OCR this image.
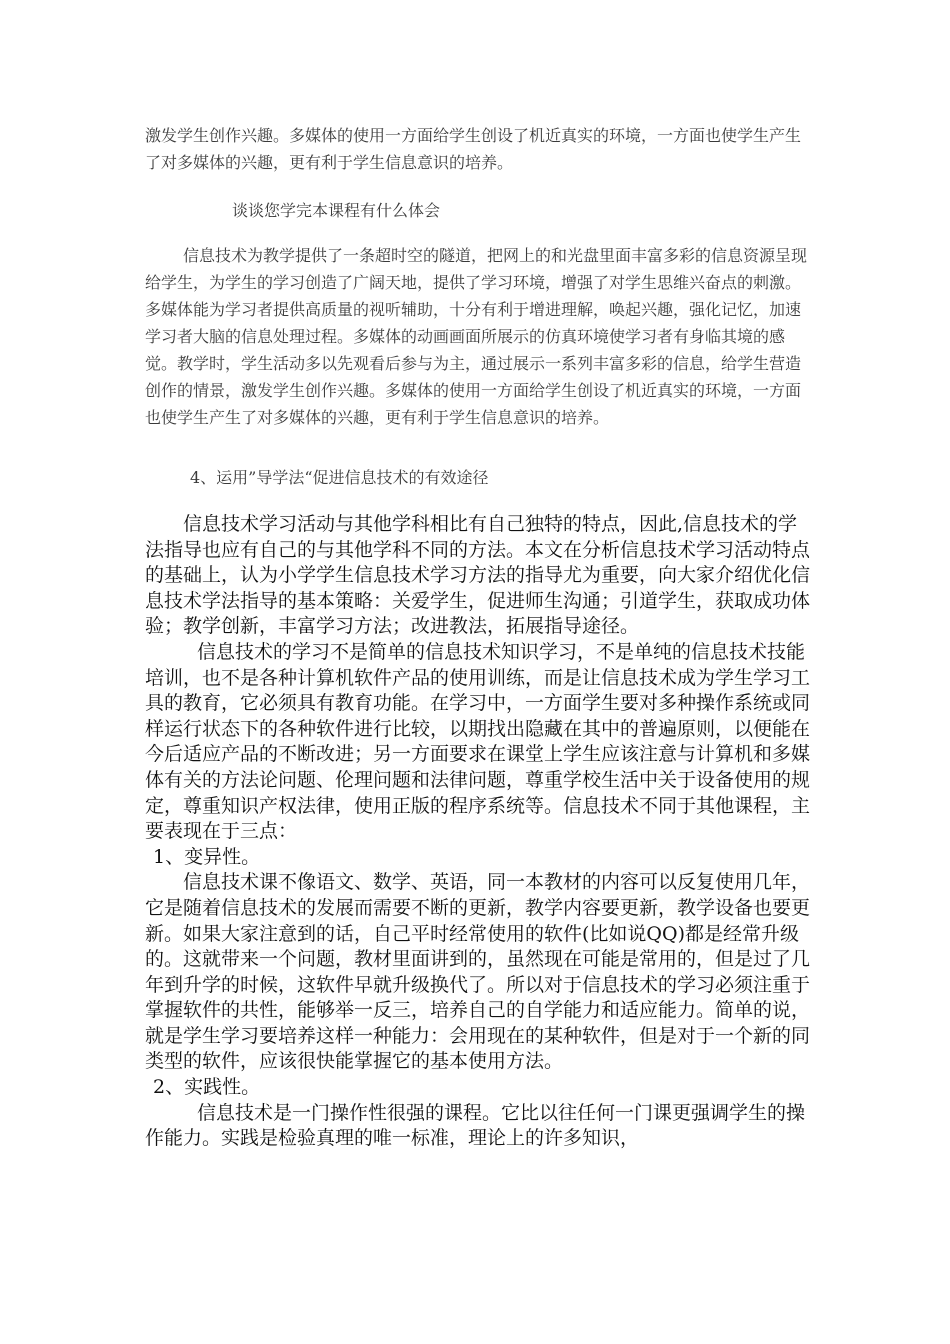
激发学生创作兴趣。多媒体的使用一方面给学生创设了机近真实的环境，一方面也使学生产生了对多媒体的兴趣，更有利于学生信息意识的培养。

谈谈您学完本课程有什么体会

信息技术为教学提供了一条超时空的隧道，把网上的和光盘里面丰富多彩的信息资源呈现给学生，为学生的学习创造了广阔天地，提供了学习环境，增强了对学生思维兴奋点的刺激。多媒体能为学习者提供高质量的视听辅助，十分有利于增进理解，唤起兴趣，强化记忆，加速学习者大脑的信息处理过程。多媒体的动画画面所展示的仿真环境使学习者有身临其境的感觉。教学时，学生活动多以先观看后参与为主，通过展示一系列丰富多彩的信息，给学生营造创作的情景，激发学生创作兴趣。多媒体的使用一方面给学生创设了机近真实的环境，一方面也使学生产生了对多媒体的兴趣，更有利于学生信息意识的培养。

4、运用”导学法“促进信息技术的有效途径

信息技术学习活动与其他学科相比有自己独特的特点，因此,信息技术的学法指导也应有自己的与其他学科不同的方法。本文在分析信息技术学习活动特点的基础上，认为小学学生信息技术学习方法的指导尤为重要，向大家介绍优化信息技术学法指导的基本策略：关爱学生，促进师生沟通；引道学生，获取成功体验；教学创新，丰富学习方法；改进教法，拓展指导途径。

信息技术的学习不是简单的信息技术知识学习，不是单纯的信息技术技能培训，也不是各种计算机软件产品的使用训练，而是让信息技术成为学生学习工具的教育，它必须具有教育功能。在学习中，一方面学生要对多种操作系统或同样运行状态下的各种软件进行比较，以期找出隐藏在其中的普遍原则，以便能在今后适应产品的不断改进；另一方面要求在课堂上学生应该注意与计算机和多媒体有关的方法论问题、伦理问题和法律问题，尊重学校生活中关于设备使用的规定，尊重知识产权法律，使用正版的程序系统等。信息技术不同于其他课程，主要表现在于三点：

1、变异性。

信息技术课不像语文、数学、英语，同一本教材的内容可以反复使用几年，它是随着信息技术的发展而需要不断的更新，教学内容要更新，教学设备也要更新。如果大家注意到的话，自己平时经常使用的软件(比如说QQ)都是经常升级的。这就带来一个问题，教材里面讲到的，虽然现在可能是常用的，但是过了几年到升学的时候，这软件早就升级换代了。所以对于信息技术的学习必须注重于掌握软件的共性，能够举一反三，培养自己的自学能力和适应能力。简单的说，就是学生学习要培养这样一种能力：会用现在的某种软件，但是对于一个新的同类型的软件，应该很快能掌握它的基本使用方法。

2、实践性。

信息技术是一门操作性很强的课程。它比以往任何一门课更强调学生的操作能力。实践是检验真理的唯一标准，理论上的许多知识，
